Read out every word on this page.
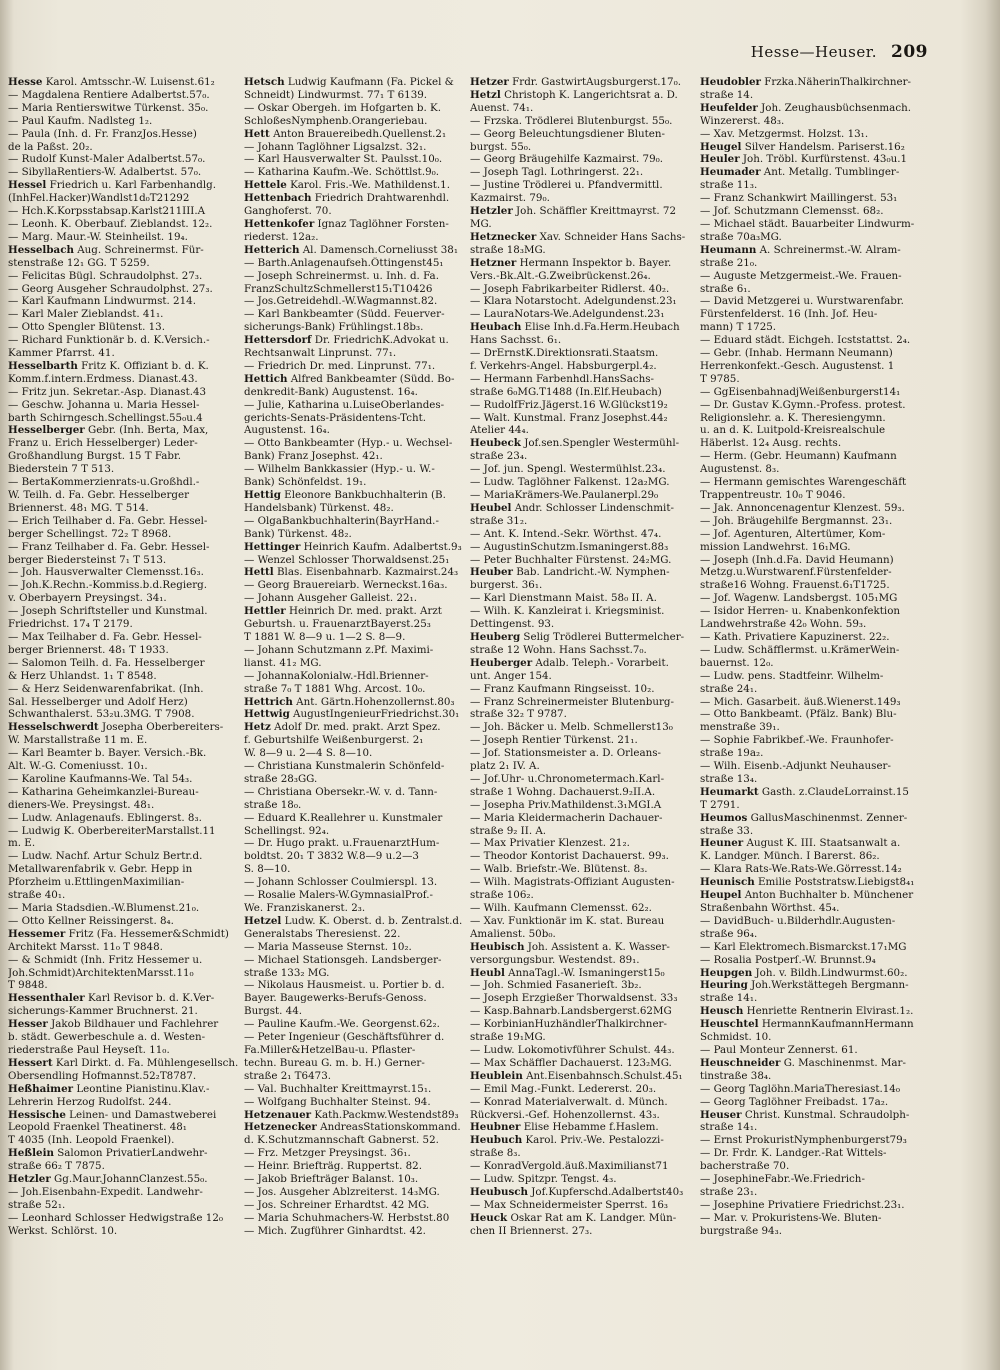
Hesse—Heuser. 209
Hesse Karol. Amtsschr.-W. Luisenst.61₂
— Magdalena Rentiere Adalbertst.57₀.
— Maria Rentierswitwe Türkenst. 35₀.
— Paul Kaufm. Nadlsteg 1₂.
— Paula (Inh. d. Fr. FranzJos.Hesse)
de la Paßst. 20₂.
— Rudolf Kunst-Maler Adalbertst.57₀.
— SibyllaRentiers-W. Adalbertst. 57₀.
Hessel Friedrich u. Karl Farbenhandlg.
(InhFel.Hacker)Wandlst1d₀T21292
— Hch.K.Korpsstabsap.Karlst211III.A
— Leonh. K. Oberbauf. Zieblandst. 12₂.
— Marg. Maur.-W. Steinheilst. 19₄.
Hesselbach Aug. Schreinermst. Für-
stenstraße 12₁ GG. T 5259.
— Felicitas Bügl. Schraudolphst. 27₃.
— Georg Ausgeher Schraudolphst. 27₃.
— Karl Kaufmann Lindwurmst. 214.
— Karl Maler Zieblandst. 41₁.
— Otto Spengler Blütenst. 13.
— Richard Funktionär b. d. K.Versich.-
Kammer Pfarrst. 41.
Hesselbarth Fritz K. Offiziant b. d. K.
Komm.f.intern.Erdmess. Dianast.43.
— Fritz jun. Sekretar.-Asp. Dianast.43
— Geschw. Johanna u. Maria Hessel-
barth Schirngesch.Schellingst.55₀u.4
Hesselberger Gebr. (Inh. Berta, Max,
Franz u. Erich Hesselberger) Leder-
Großhandlung Burgst. 15 T Fabr.
Biederstein 7 T 513.
— BertaKommerzienrats-u.Großhdl.-
W. Teilh. d. Fa. Gebr. Hesselberger
Briennerst. 48₁ MG. T 514.
— Erich Teilhaber d. Fa. Gebr. Hessel-
berger Schellingst. 72₂ T 8968.
— Franz Teilhaber d. Fa. Gebr. Hessel-
berger Biedersteinst 7₁ T 513.
— Joh. Hausverwalter Clemensst.16₃.
— Joh.K.Rechn.-Kommiss.b.d.Regierg.
v. Oberbayern Preysingst. 34₁.
— Joseph Schriftsteller und Kunstmal.
Friedrichst. 17₄ T 2179.
— Max Teilhaber d. Fa. Gebr. Hessel-
berger Briennerst. 48₁ T 1933.
— Salomon Teilh. d. Fa. Hesselberger
& Herz Uhlandst. 1₁ T 8548.
— & Herz Seidenwarenfabrikat. (Inh.
Sal. Hesselberger und Adolf Herz)
Schwanthalerst. 53₂u.3MG. T 7908.
Hesselschwerdt Josepha Oberbereiters-
W. Marstallstraße 11 m. E.
— Karl Beamter b. Bayer. Versich.-Bk.
Alt. W.-G. Comeniusst. 10₁.
— Karoline Kaufmanns-We. Tal 54₃.
— Katharina Geheimkanzlei-Bureau-
dieners-We. Preysingst. 48₁.
— Ludw. Anlagenaufs. Eblingerst. 8₃.
— Ludwig K. OberbereiterMarstallst.11
m. E.
— Ludw. Nachf. Artur Schulz Bertr.d.
Metallwarenfabrik v. Gebr. Hepp in
Pforzheim u.EttlingenMaximilian-
straße 40₁.
— Maria Stadsdien.-W.Blumenst.21₀.
— Otto Kellner Reissingerst. 8₄.
Hessemer Fritz (Fa. Hessemer&Schmidt)
Architekt Marsst. 11₀ T 9848.
— & Schmidt (Inh. Fritz Hessemer u.
Joh.Schmidt)ArchitektenMarsst.11₀
T 9848.
Hessenthaler Karl Revisor b. d. K.Ver-
sicherungs-Kammer Bruchnerst. 21.
Hesser Jakob Bildhauer und Fachlehrer
b. städt. Gewerbeschule a. d. Westen-
riederstraße Paul Heyseſt. 11₀.
Hessert Karl Dirkt. d. Fa. Mühlengesellsch.
Obersendling Hofmannst.52₂T8787.
Heßhaimer Leontine Pianistinu.Klav.-
Lehrerin Herzog Rudolfst. 244.
Hessische Leinen- und Damastweberei
Leopold Fraenkel Theatinerst. 48₁
T 4035 (Inh. Leopold Fraenkel).
Heßlein Salomon PrivatierLandwehr-
straße 66₂ T 7875.
Hetzler Gg.Maur.JohannClanzest.55₀.
— Joh.Eisenbahn-Expedit. Landwehr-
straße 52₁.
— Leonhard Schlosser Hedwigstraße 12₀
Werkst. Schlörst. 10.
Hetsch Ludwig Kaufmann (Fa. Pickel &
Schneidt) Lindwurmst. 77₁ T 6139.
— Oskar Obergeh. im Hofgarten b. K.
SchloßesNymphenb.Orangeriebau.
Hett Anton Brauereibedh.Quellenst.2₁
— Johann Taglöhner Ligsalzst. 32₁.
— Karl Hausverwalter St. Paulsst.10₀.
— Katharina Kaufm.-We. Schöttlst.9₀.
Hettele Karol. Fris.-We. Mathildenst.1.
Hettenbach Friedrich Drahtwarenhdl.
Ganghoferst. 70.
Hettenkofer Ignaz Taglöhner Forsten-
riederst. 12a₂.
Hetterich Al. Damensch.Corneliusst 38₁
— Barth.Anlagenaufseh.Öttingenst45₁
— Joseph Schreinermst. u. Inh. d. Fa.
FranzSchultzSchmellerst15₁T10426
— Jos.Getreidehdl.-W.Wagmannst.82.
— Karl Bankbeamter (Südd. Feuerver-
sicherungs-Bank) Frühlingst.18b₃.
Hettersdorf Dr. FriedrichK.Advokat u.
Rechtsanwalt Linprunst. 77₁.
— Friedrich Dr. med. Linprunst. 77₁.
Hettich Alfred Bankbeamter (Südd. Bo-
denkredit-Bank) Augustenst. 16₄.
— Julie, Katharina u.LuiseOberlandes-
gerichts-Senats-Präsidentens-Tcht.
Augustenst. 16₄.
— Otto Bankbeamter (Hyp.- u. Wechsel-
Bank) Franz Josephst. 42₁.
— Wilhelm Bankkassier (Hyp.- u. W.-
Bank) Schönfeldst. 19₁.
Hettig Eleonore Bankbuchhalterin (B.
Handelsbank) Türkenst. 48₂.
— OlgaBankbuchhalterin(BayrHand.-
Bank) Türkenst. 48₂.
Hettinger Heinrich Kaufm. Adalbertst.9₃
— Wenzel Schlosser Thorwaldsenst.25₁
Hettl Blas. Eisenbahnarb. Kazmairst.24₃
— Georg Brauereiarb. Werneckst.16a₃.
— Johann Ausgeher Galleist. 22₁.
Hettler Heinrich Dr. med. prakt. Arzt
Geburtsh. u. FrauenarztBayerst.25₃
T 1881 W. 8—9 u. 1—2 S. 8—9.
— Johann Schutzmann z.Pf. Maximi-
lianst. 41₂ MG.
— JohannaKolonialw.-Hdl.Brienner-
straße 7₀ T 1881 Whg. Arcost. 10₀.
Hettrich Ant. Gärtn.Hohenzollernst.80₃
Hettwig AugustIngenieurFriedrichst.30₁
Hetz Adolf Dr. med. prakt. Arzt Spez.
f. Geburtshilfe Weißenburgerst. 2₁
W. 8—9 u. 2—4 S. 8—10.
— Christiana Kunstmalerin Schönfeld-
straße 28₃GG.
— Christiana Obersekr.-W. v. d. Tann-
straße 18₀.
— Eduard K.Reallehrer u. Kunstmaler
Schellingst. 92₄.
— Dr. Hugo prakt. u.FrauenarztHum-
boldtst. 20₁ T 3832 W.8—9 u.2—3
S. 8—10.
— Johann Schlosser Coulmierspl. 13.
— Rosalie Malers-W.GymnasialProf.-
We. Franziskanerst. 2₃.
Hetzel Ludw. K. Oberst. d. b. Zentralst.d.
Generalstabs Theresienst. 22.
— Maria Masseuse Sternst. 10₂.
— Michael Stationsgeh. Landsberger-
straße 133₂ MG.
— Nikolaus Hausmeist. u. Portier b. d.
Bayer. Baugewerks-Berufs-Genoss.
Burgst. 44.
— Pauline Kaufm.-We. Georgenst.62₂.
— Peter Ingenieur (Geschäftsführer d.
Fa.Miller&HetzelBau-u. Pflaster-
techn. Bureau G. m. b. H.) Gerner-
straße 2₁ T6473.
— Val. Buchhalter Kreittmayrst.15₁.
— Wolfgang Buchhalter Steinst. 94.
Hetzenauer Kath.Packmw.Westendst89₃
Hetzenecker AndreasStationskommand.
d. K.Schutzmannschaft Gabnerst. 52.
— Frz. Metzger Preysingst. 36₁.
— Heinr. Briefträg. Ruppertst. 82.
— Jakob Briefträger Balanst. 10₃.
— Jos. Ausgeher Ablzreiterst. 14₃MG.
— Jos. Schreiner Erhardtst. 42 MG.
— Maria Schuhmachers-W. Herbstst.80
— Mich. Zugführer Ginhardtst. 42.
Hetzer Frdr. GastwirtAugsburgerst.17₀.
Hetzl Christoph K. Langerichtsrat a. D.
Auenst. 74₁.
— Frzska. Trödlerei Blutenburgst. 55₀.
— Georg Beleuchtungsdiener Bluten-
burgst. 55₀.
— Georg Bräugehilfe Kazmairst. 79₀.
— Joseph Tagl. Lothringerst. 22₁.
— Justine Trödlerei u. Pfandvermittl.
Kazmairst. 79₀.
Hetzler Joh. Schäffler Kreittmayrst. 72
MG.
Hetznecker Xav. Schneider Hans Sachs-
straße 18₃MG.
Hetzner Hermann Inspektor b. Bayer.
Vers.-Bk.Alt.-G.Zweibrückenst.26₄.
— Joseph Fabrikarbeiter Ridlerst. 40₂.
— Klara Notarstocht. Adelgundenst.23₁
— LauraNotars-We.Adelgundenst.23₁
Heubach Elise Inh.d.Fa.Herm.Heubach
Hans Sachsst. 6₁.
— DrErnstK.Direktionsrati.Staatsm.
f. Verkehrs-Angel. Habsburgerpl.4₂.
— Hermann Farbenhdl.HansSachs-
straße 6₀MG.T1488 (In.Elf.Heubach)
— RudolfFriz.Jägerst.16 W.Glückst19₂
— Walt. Kunstmal. Franz Josephst.44₂
Atelier 44₄.
Heubeck Jof.sen.Spengler Westermühl-
straße 23₄.
— Jof. jun. Spengl. Westermühlst.23₄.
— Ludw. Taglöhner Falkenst. 12a₂MG.
— MariaKrämers-We.Paulanerpl.29₀
Heubel Andr. Schlosser Lindenschmit-
straße 31₂.
— Ant. K. Intend.-Sekr. Wörthst. 47₄.
— AugustinSchutzm.Ismaningerst.88₃
— Peter Buchhalter Fürstenst. 24₂MG.
Heuber Bab. Landricht.-W. Nymphen-
burgerst. 36₁.
— Karl Dienstmann Maist. 58₀ II. A.
— Wilh. K. Kanzleirat i. Kriegsminist.
Dettingenst. 93.
Heuberg Selig Trödlerei Buttermelcher-
straße 12 Wohn. Hans Sachsst.7₀.
Heuberger Adalb. Teleph.- Vorarbeit.
unt. Anger 154.
— Franz Kaufmann Ringseisst. 10₂.
— Franz Schreinermeister Blutenburg-
straße 32₂ T 9787.
— Joh. Bäcker u. Melb. Schmellerst13₀
— Joseph Rentier Türkenst. 21₁.
— Jof. Stationsmeister a. D. Orleans-
platz 2₁ IV. A.
— Jof.Uhr- u.Chronometermach.Karl-
straße 1 Wohng. Dachauerst.9₂II.A.
— Josepha Priv.Mathildenst.3₁MGI.A
— Maria Kleidermacherin Dachauer-
straße 9₂ II. A.
— Max Privatier Klenzest. 21₂.
— Theodor Kontorist Dachauerst. 99₃.
— Walb. Briefstr.-We. Blütenst. 8₃.
— Wilh. Magistrats-Offiziant Augusten-
straße 106₂.
— Wilh. Kaufmann Clemensst. 62₂.
— Xav. Funktionär im K. stat. Bureau
Amalienst. 50b₀.
Heubisch Joh. Assistent a. K. Wasser-
versorgungsbur. Westendst. 89₁.
Heubl AnnaTagl.-W. Ismaningerst15₀
— Joh. Schmied Fasanerieſt. 3b₂.
— Joseph Erzgießer Thorwaldsenst. 33₃
— Kasp.Bahnarb.Landsbergerst.62MG
— KorbinianHuzhändlerThalkirchner-
straße 19₁MG.
— Ludw. Lokomotivführer Schulst. 44₃.
— Max Schäffler Dachauerst. 123₂MG.
Heublein Ant.Eisenbahnsch.Schulst.45₁
— Emil Mag.-Funkt. Ledererst. 20₃.
— Konrad Materialverwalt. d. Münch.
Rückversi.-Gef. Hohenzollernst. 43₃.
Heubner Elise Hebamme f.Haslem.
Heubuch Karol. Priv.-We. Pestalozzi-
straße 8₃.
— KonradVergold.äuß.Maximilianst71
— Ludw. Spitzpr. Tengst. 4₃.
Heubusch Jof.Kupferschd.Adalbertst40₃
— Max Schneidermeister Sperrst. 16₃
Heuck Oskar Rat am K. Landger. Mün-
chen II Briennerst. 27₃.
Heudobler Frzka.NäherinThalkirchner-
straße 14.
Heufelder Joh. Zeughausbüchsenmach.
Winzererst. 48₃.
— Xav. Metzgermst. Holzst. 13₁.
Heugel Silver Handelsm. Pariserst.16₂
Heuler Joh. Tröbl. Kurfürstenst. 43₀u.1
Heumader Ant. Metallg. Tumblinger-
straße 11₃.
— Franz Schankwirt Maillingerst. 53₁
— Jof. Schutzmann Clemensst. 68₂.
— Michael städt. Bauarbeiter Lindwurm-
straße 70a₃MG.
Heumann A. Schreinermst.-W. Alram-
straße 21₀.
— Auguste Metzgermeist.-We. Frauen-
straße 6₁.
— David Metzgerei u. Wurstwarenfabr.
Fürstenfelderst. 16 (Inh. Jof. Heu-
mann) T 1725.
— Eduard städt. Eichgeh. Icststattst. 2₄.
— Gebr. (Inhab. Hermann Neumann)
Herrenkonfekt.-Gesch. Augustenst. 1
T 9785.
— GgEisenbahnadjWeißenburgerst14₁
— Dr. Gustav K.Gymn.-Profess. protest.
Religionslehr. a. K. Theresiengymn.
u. an d. K. Luitpold-Kreisrealschule
Häberlst. 12₄ Ausg. rechts.
— Herm. (Gebr. Heumann) Kaufmann
Augustenst. 8₃.
— Hermann gemischtes Warengeschäft
Trappentreustr. 10₀ T 9046.
— Jak. Annoncenagentur Klenzest. 59₃.
— Joh. Bräugehilfe Bergmannst. 23₁.
— Jof. Agenturen, Altertümer, Kom-
mission Landwehrst. 16₁MG.
— Joseph (Inh.d.Fa. David Heumann)
Metzg.u.Wurstwarenf.Fürstenfelder-
straße16 Wohng. Frauenst.6₁T1725.
— Jof. Wagenw. Landsbergst. 105₁MG
— Isidor Herren- u. Knabenkonfektion
Landwehrstraße 42₀ Wohn. 59₃.
— Kath. Privatiere Kapuzinerst. 22₂.
— Ludw. Schäfflermst. u.KrämerWein-
bauernst. 12₀.
— Ludw. pens. Stadtfeinr. Wilhelm-
straße 24₁.
— Mich. Gasarbeit. äuß.Wienerst.149₃
— Otto Bankbeamt. (Pfälz. Bank) Blu-
menstraße 39₁.
— Sophie Fabrikbef.-We. Fraunhofer-
straße 19a₂.
— Wilh. Eisenb.-Adjunkt Neuhauser-
straße 13₄.
Heumarkt Gasth. z.ClaudeLorrainst.15
T 2791.
Heumos GallusMaschinenmst. Zenner-
straße 33.
Heuner August K. III. Staatsanwalt a.
K. Landger. Münch. I Barerst. 86₂.
— Klara Rats-We.Rats-We.Görresst.14₂
Heunisch Emilie Poststratsw.Liebigst8₄₁
Heupel Anton Buchhalter b. Münchener
Straßenbahn Wörthst. 45₄.
— DavidBuch- u.Bilderhdlr.Augusten-
straße 96₄.
— Karl Elektromech.Bismarckst.17₁MG
— Rosalia Postperſ.-W. Brunnst.9₄
Heupgen Joh. v. Bildh.Lindwurmst.60₂.
Heuring Joh.Werkstättegeh Bergmann-
straße 14₁.
Heusch Henriette Rentnerin Elvirast.1₂.
Heuschtel HermannKaufmannHermann
Schmidst. 10.
— Paul Monteur Zennerst. 61.
Heuschneider G. Maschinenmst. Mar-
tinstraße 38₄.
— Georg Taglöhn.MariaTheresiast.14₀
— Georg Taglöhner Freibadst. 17a₂.
Heuser Christ. Kunstmal. Schraudolph-
straße 14₁.
— Ernst ProkuristNymphenburgerst79₃
— Dr. Frdr. K. Landger.-Rat Wittels-
bacherstraße 70.
— JosephineFabr.-We.Friedrich-
straße 23₁.
— Josephine Privatiere Friedrichst.23₁.
— Mar. v. Prokuristens-We. Bluten-
burgstraße 94₃.
